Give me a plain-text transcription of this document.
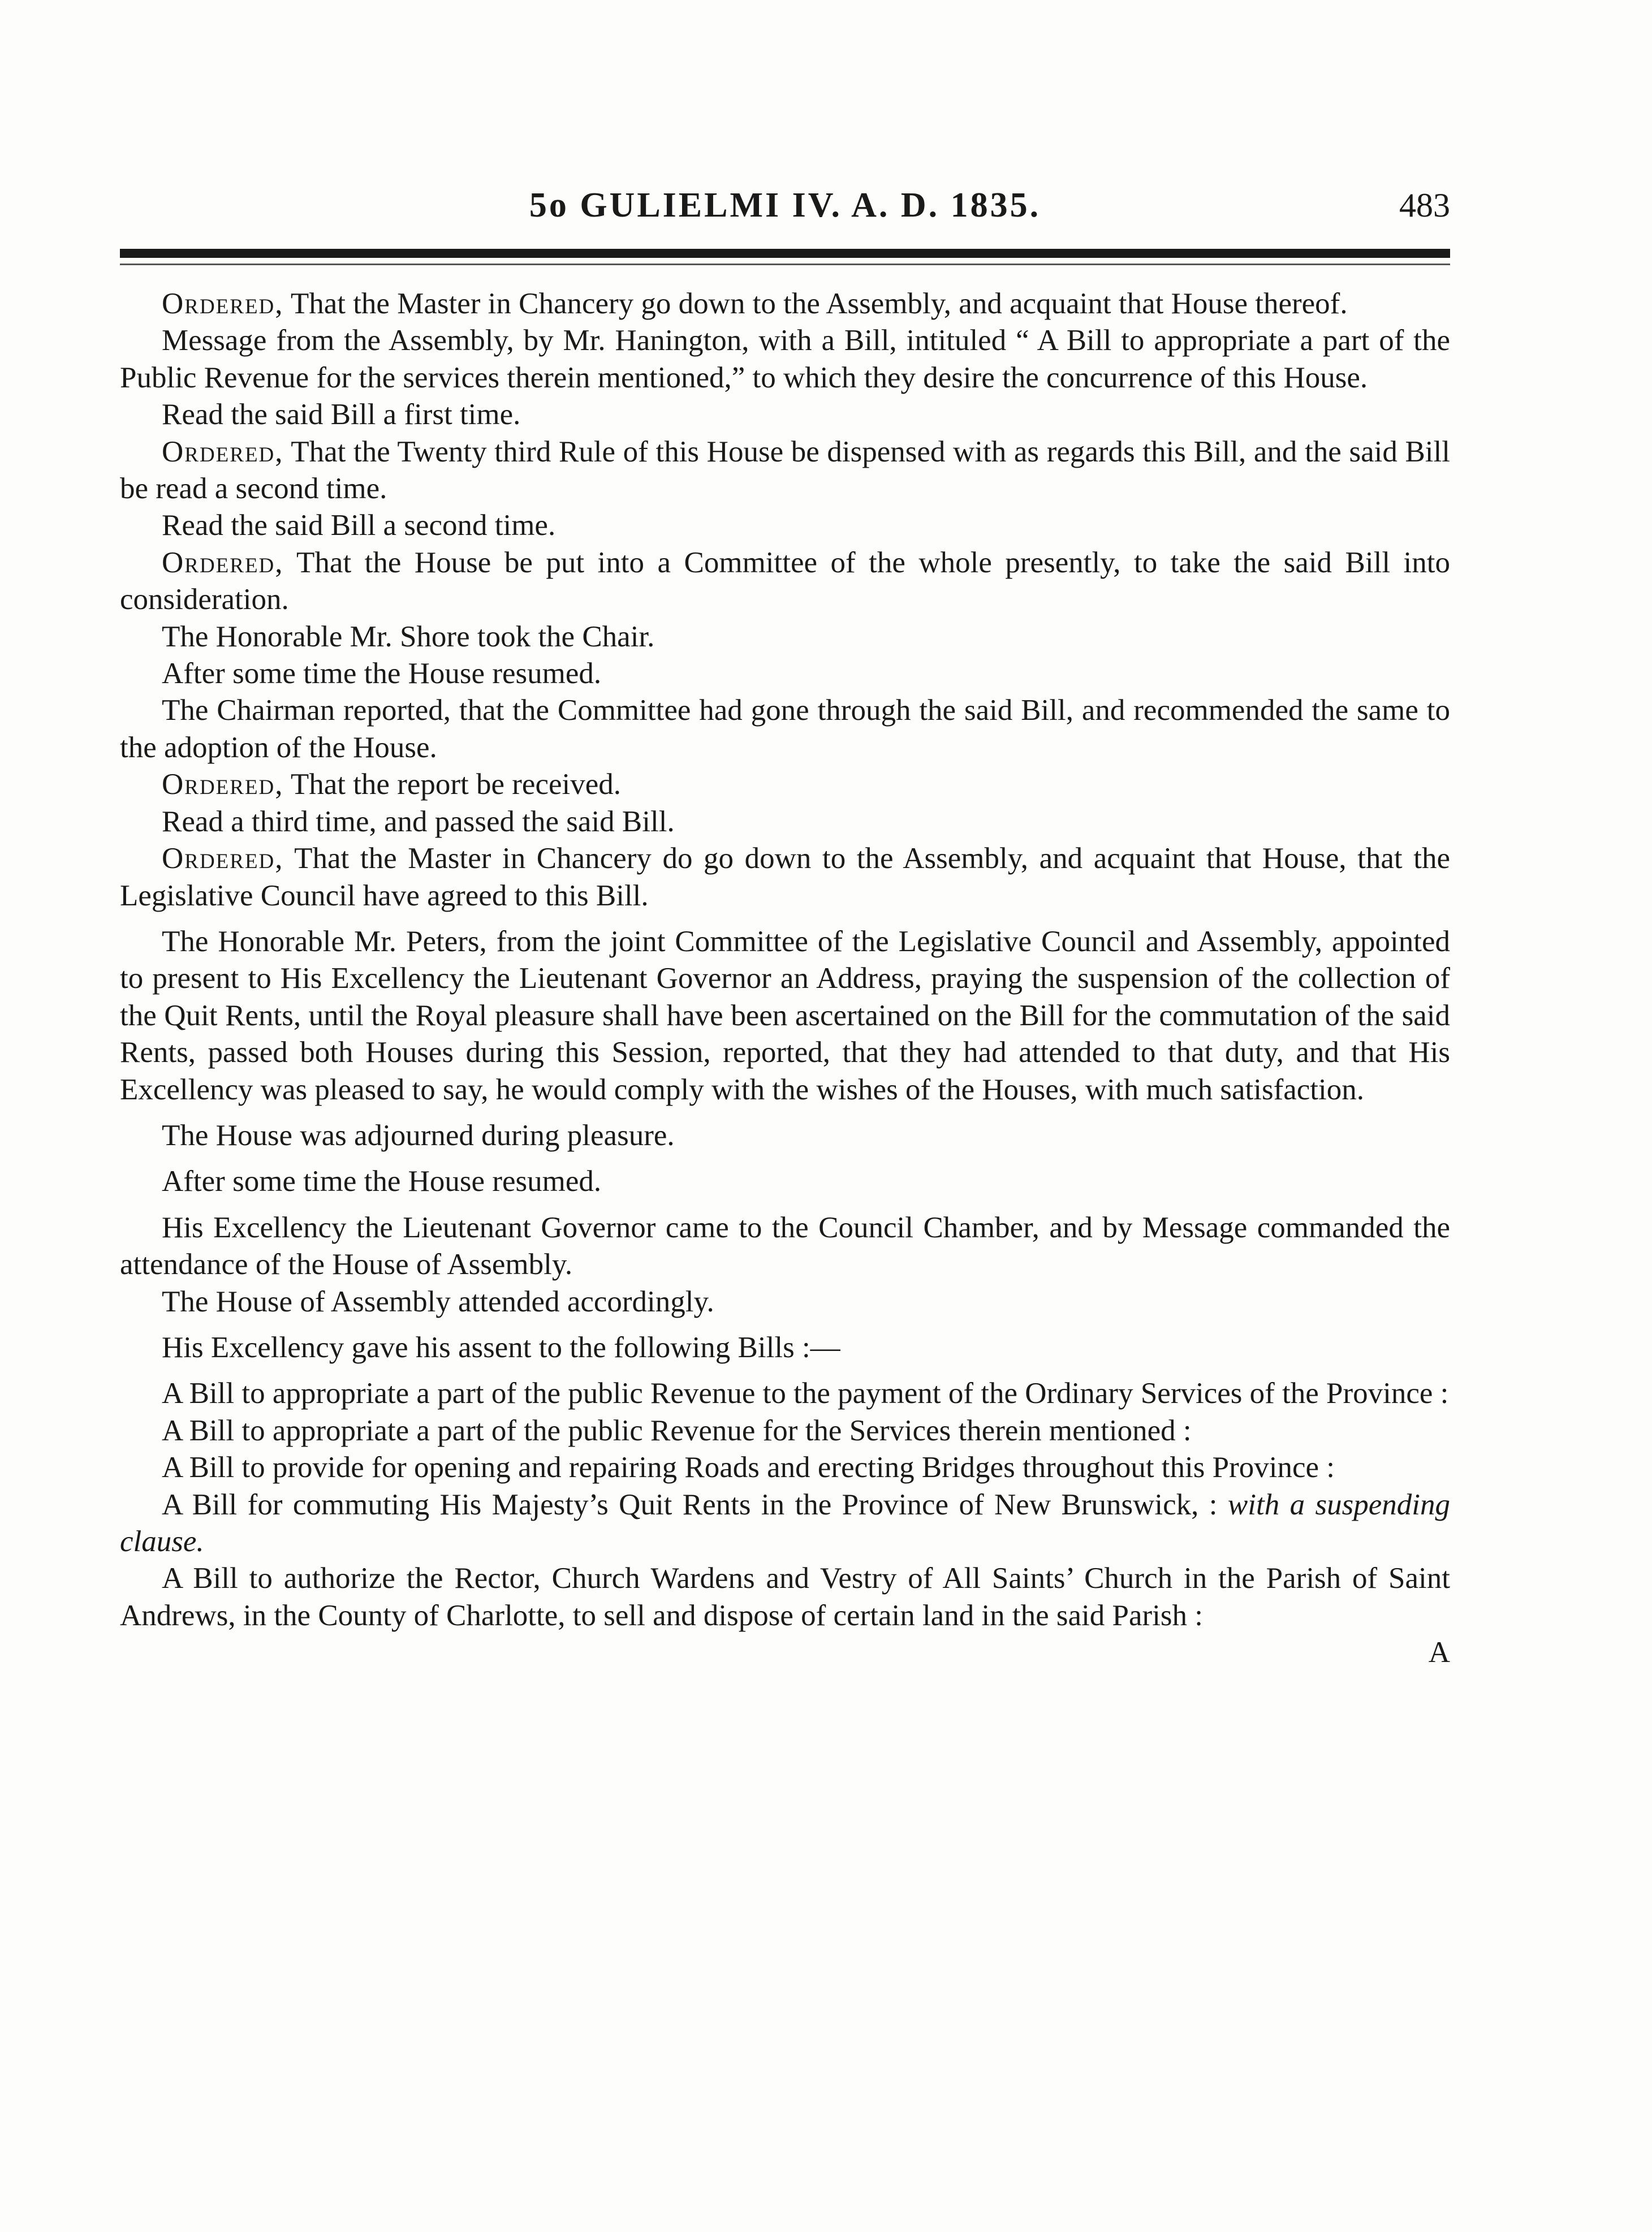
5o GULIELMI IV. A. D. 1835.	483

Ordered, That the Master in Chancery go down to the Assembly, and acquaint that House thereof.

Message from the Assembly, by Mr. Hanington, with a Bill, intituled “ A Bill to appropriate a part of the Public Revenue for the services therein mentioned,” to which they desire the concurrence of this House.

Read the said Bill a first time.

Ordered, That the Twenty third Rule of this House be dispensed with as regards this Bill, and the said Bill be read a second time.

Read the said Bill a second time.

Ordered, That the House be put into a Committee of the whole presently, to take the said Bill into consideration.

The Honorable Mr. Shore took the Chair.

After some time the House resumed.

The Chairman reported, that the Committee had gone through the said Bill, and recommended the same to the adoption of the House.

Ordered, That the report be received.

Read a third time, and passed the said Bill.

Ordered, That the Master in Chancery do go down to the Assembly, and acquaint that House, that the Legislative Council have agreed to this Bill.

The Honorable Mr. Peters, from the joint Committee of the Legislative Council and Assembly, appointed to present to His Excellency the Lieutenant Governor an Address, praying the suspension of the collection of the Quit Rents, until the Royal pleasure shall have been ascertained on the Bill for the commutation of the said Rents, passed both Houses during this Session, reported, that they had attended to that duty, and that His Excellency was pleased to say, he would comply with the wishes of the Houses, with much satisfaction.

The House was adjourned during pleasure.

After some time the House resumed.

His Excellency the Lieutenant Governor came to the Council Chamber, and by Message commanded the attendance of the House of Assembly.

The House of Assembly attended accordingly.

His Excellency gave his assent to the following Bills :—

A Bill to appropriate a part of the public Revenue to the payment of the Ordinary Services of the Province :

A Bill to appropriate a part of the public Revenue for the Services therein mentioned :

A Bill to provide for opening and repairing Roads and erecting Bridges throughout this Province :

A Bill for commuting His Majesty’s Quit Rents in the Province of New Brunswick, : with a suspending clause.

A Bill to authorize the Rector, Church Wardens and Vestry of All Saints’ Church in the Parish of Saint Andrews, in the County of Charlotte, to sell and dispose of certain land in the said Parish :

A
